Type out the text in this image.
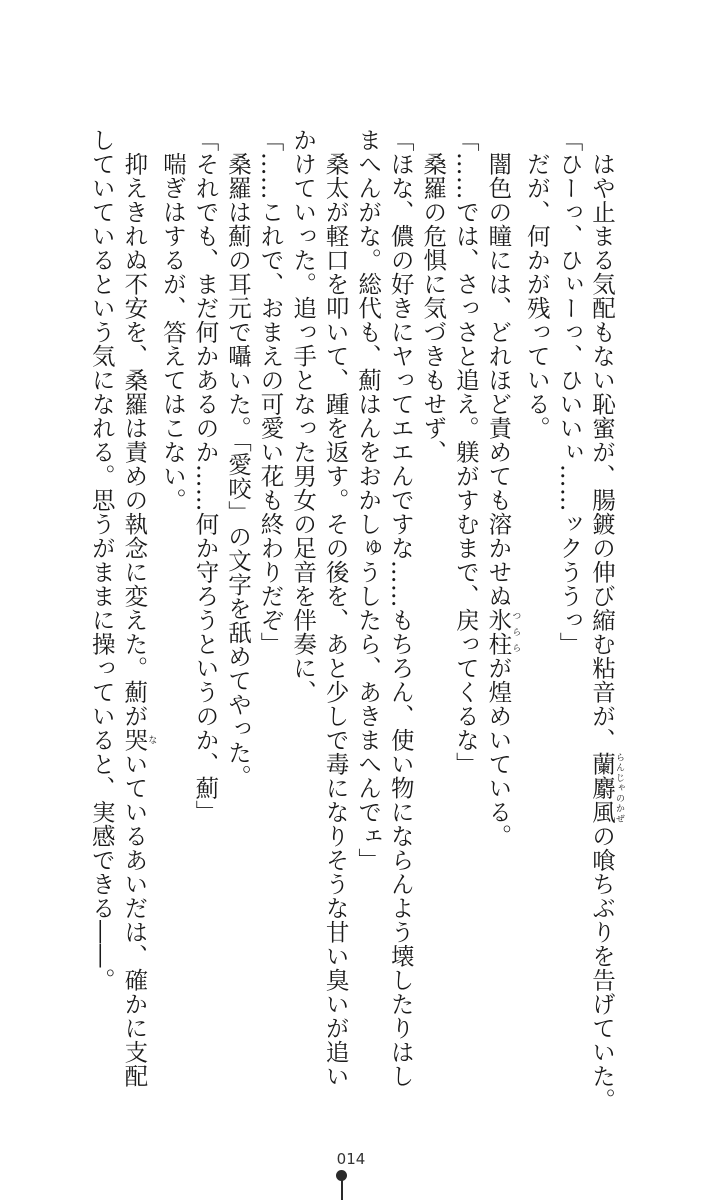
　はや止まる気配もない恥蜜が、腸鍍の伸び縮む粘音が、蘭麝風らんじゃのかぜの喰ちぶりを告げていた。
「ひーっ、ひぃーっ、ひいいぃ……ックううっ」
　だが、何かが残っている。
　闇色の瞳には、どれほど責めても溶かせぬ氷柱つららが煌めいている。
「……では、さっさと追え。躾がすむまで、戻ってくるな」
　桑羅の危惧に気づきもせず、
「ほな、儂の好きにヤってエエんですな……もちろん、使い物にならんよう壊したりはし
まへんがな。総代も、薊はんをおかしゅうしたら、あきまへんでェ」
　桑太が軽口を叩いて、踵を返す。その後を、あと少しで毒になりそうな甘い臭いが追い
かけていった。追っ手となった男女の足音を伴奏に、
「……これで、おまえの可愛い花も終わりだぞ」
　桑羅は薊の耳元で囁いた。「愛咬」の文字を舐めてやった。
「それでも、まだ何かあるのか……何か守ろうというのか、薊」
　喘ぎはするが、答えてはこない。
　抑えきれぬ不安を、桑羅は責めの執念に変えた。薊が哭ないているあいだは、確かに支配
していているという気になれる。思うがままに操っていると、実感できる――。
014
